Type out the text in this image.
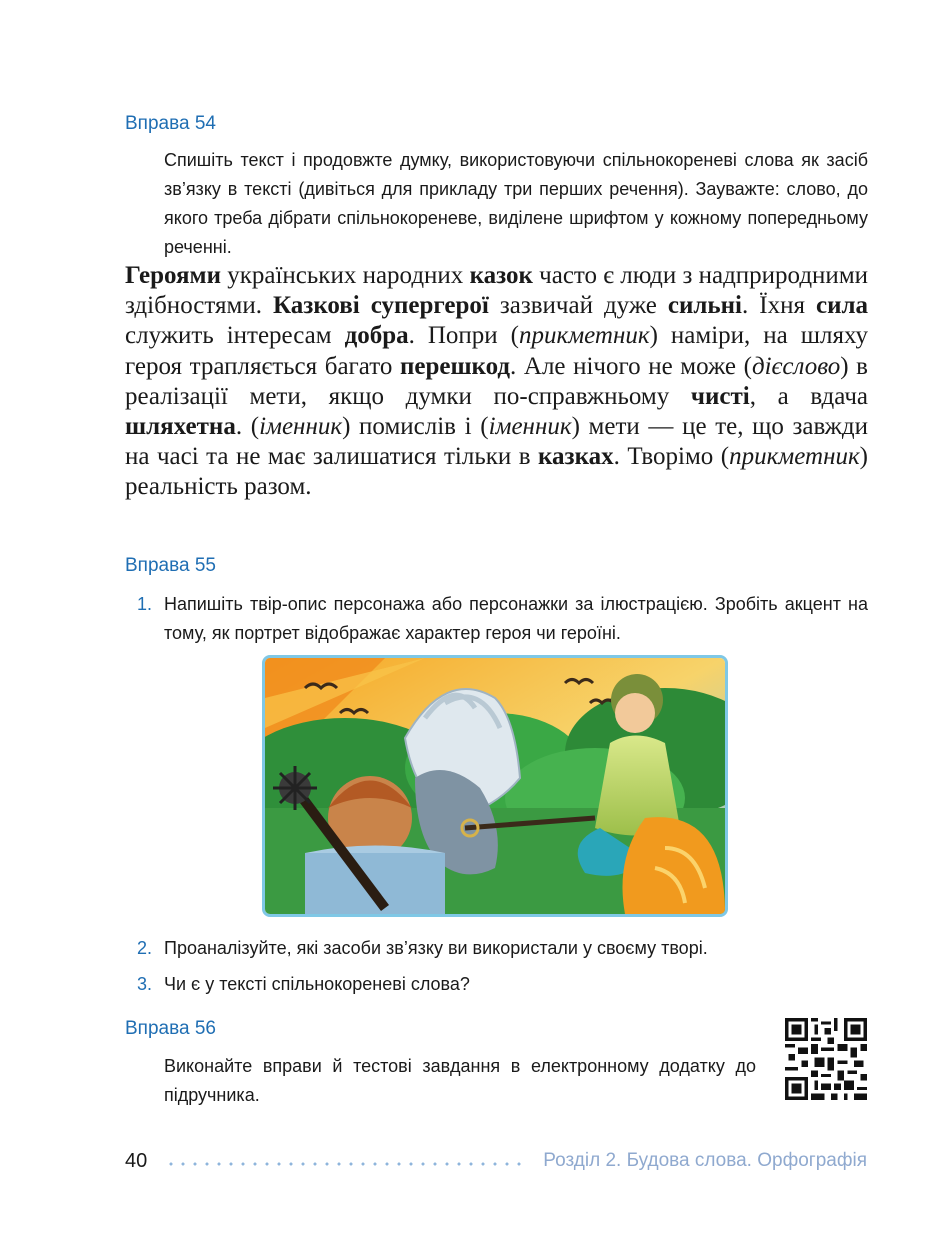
Вправа 54
Спишіть текст і продовжте думку, використовуючи спільнокореневі слова як засіб зв’язку в тексті (дивіться для прикладу три перших речення). Зауважте: слово, до якого треба дібрати спільнокореневе, виділене шрифтом у кожному попередньому реченні.
Героями українських народних казок часто є люди з надприродними здібностями. Казкові супергерої зазвичай дуже сильні. Їхня сила служить інтересам добра. Попри (прикметник) наміри, на шляху героя трапляється багато перешкод. Але нічого не може (дієслово) в реалізації мети, якщо думки по-справжньому чисті, а вдача шляхетна. (іменник) помислів і (іменник) мети — це те, що завжди на часі та не має залишатися тільки в казках. Творімо (прикметник) реальність разом.
Вправа 55
1. Напишіть твір-опис персонажа або персонажки за ілюстрацією. Зробіть акцент на тому, як портрет відображає характер героя чи героїні.
2. Проаналізуйте, які засоби зв’язку ви використали у своєму творі.
3. Чи є у тексті спільнокореневі слова?
Вправа 56
Виконайте вправи й тестові завдання в електронному додатку до підручника.
40	Розділ 2. Будова слова. Орфографія
